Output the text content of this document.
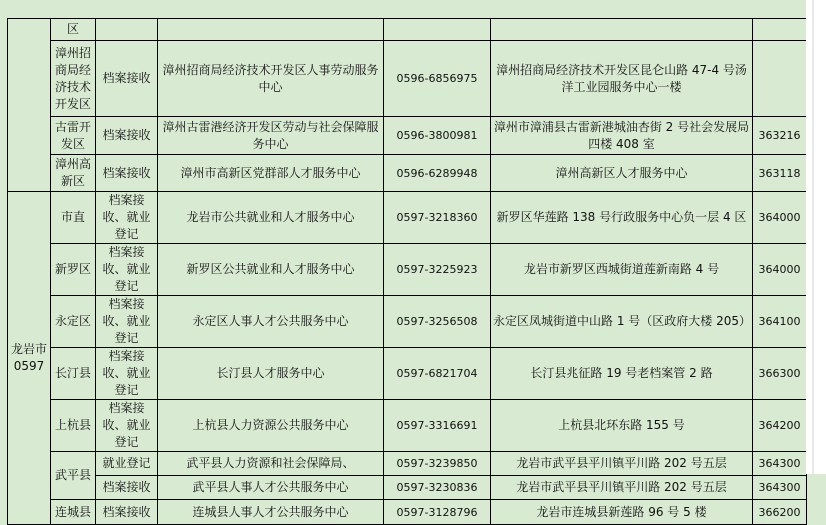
	区					
	漳州招商局经济技术开发区	档案接收	漳州招商局经济技术开发区人事劳动服务中心	0596-6856975	漳州招商局经济技术开发区昆仑山路 47-4 号汤洋工业园服务中心一楼	
	古雷开发区	档案接收	漳州古雷港经济开发区劳动与社会保障服务中心	0596-3800981	漳州市漳浦县古雷新港城油杏街 2 号社会发展局四楼 408 室	363216
	漳州高新区	档案接收	漳州市高新区党群部人才服务中心	0596-6289948	漳州高新区人才服务中心	363118

龙岩市
0597	市直	档案接收、就业登记	龙岩市公共就业和人才服务中心	0597-3218360	新罗区华莲路 138 号行政服务中心负一层 4 区	364000
	新罗区	档案接收、就业登记	新罗区公共就业和人才服务中心	0597-3225923	龙岩市新罗区西城街道莲新南路 4 号	364000
	永定区	档案接收、就业登记	永定区人事人才公共服务中心	0597-3256508	永定区凤城街道中山路 1 号（区政府大楼 205）	364100
	长汀县	档案接收、就业登记	长汀县人才服务中心	0597-6821704	长汀县兆征路 19 号老档案管 2 路	366300
	上杭县	档案接收、就业登记	上杭县人力资源公共服务中心	0597-3316691	上杭县北环东路 155 号	364200
	武平县	就业登记	武平县人力资源和社会保障局、	0597-3239850	龙岩市武平县平川镇平川路 202 号五层	364300
		档案接收	武平县人事人才公共服务中心	0597-3230836	龙岩市武平县平川镇平川路 202 号五层	364300
	连城县	档案接收	连城县人事人才公共服务中心	0597-3128796	龙岩市连城县新莲路 96 号 5 楼	366200
